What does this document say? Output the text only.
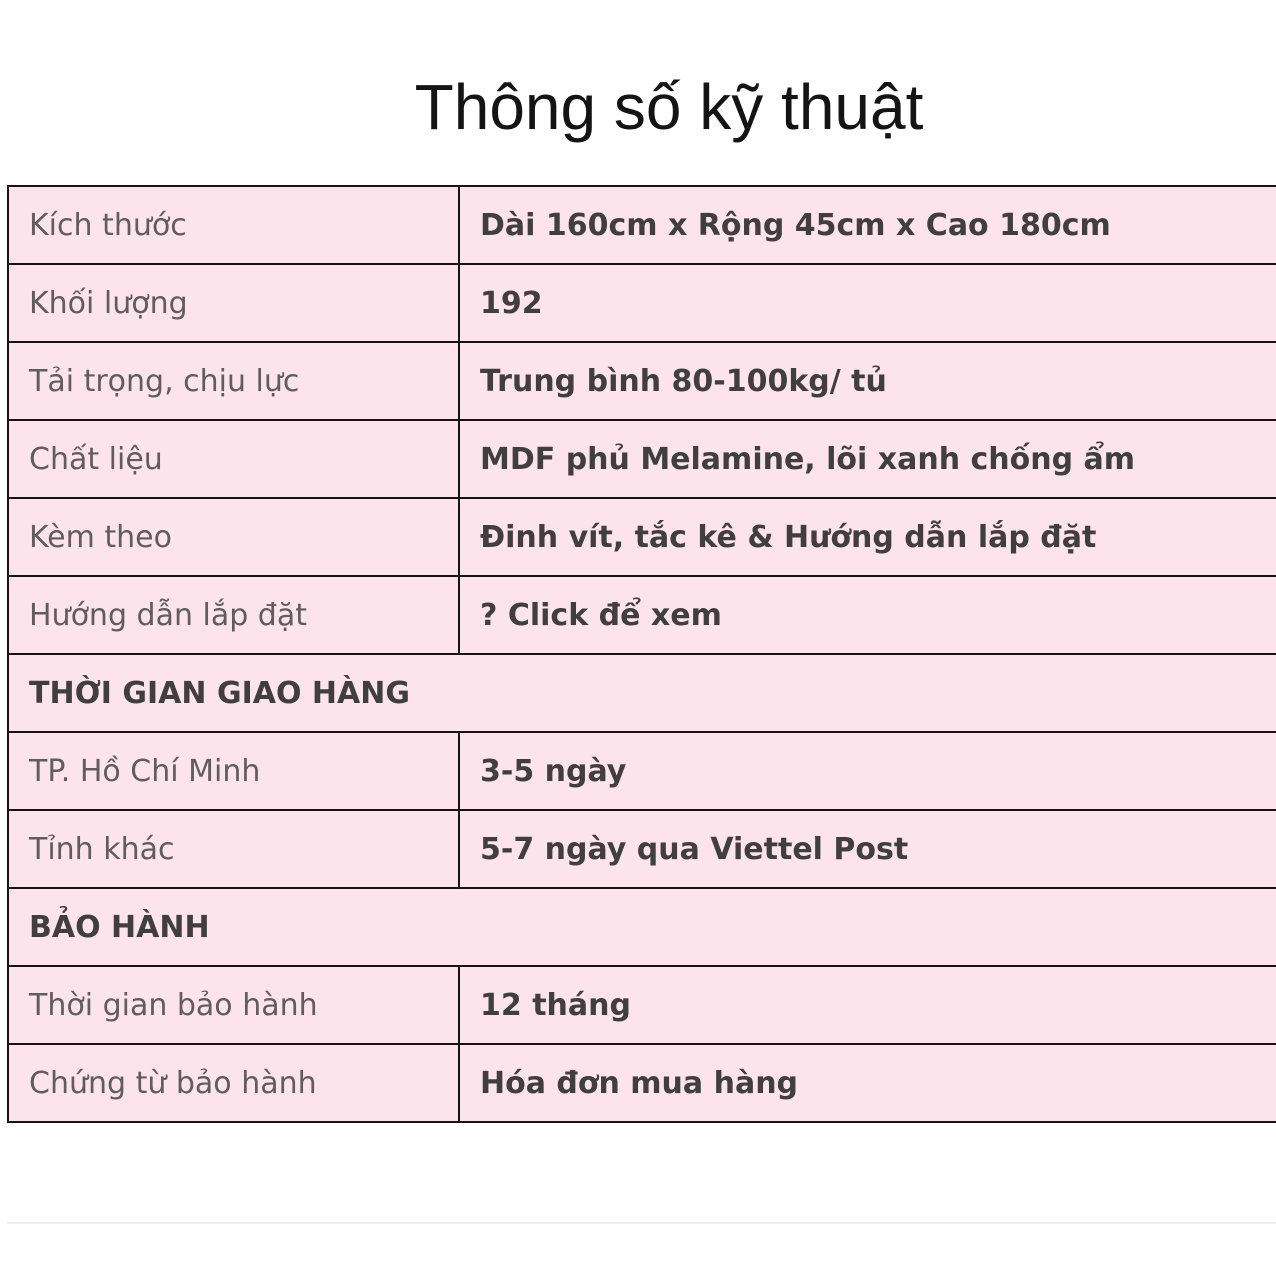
Thông số kỹ thuật
Kích thước	Dài 160cm x Rộng 45cm x Cao 180cm
Khối lượng	192
Tải trọng, chịu lực	Trung bình 80-100kg/ tủ
Chất liệu	MDF phủ Melamine, lõi xanh chống ẩm
Kèm theo	Đinh vít, tắc kê & Hướng dẫn lắp đặt
Hướng dẫn lắp đặt	? Click để xem
THỜI GIAN GIAO HÀNG	
TP. Hồ Chí Minh	3-5 ngày
Tỉnh khác	5-7 ngày qua Viettel Post
BẢO HÀNH	
Thời gian bảo hành	12 tháng
Chứng từ bảo hành	Hóa đơn mua hàng
